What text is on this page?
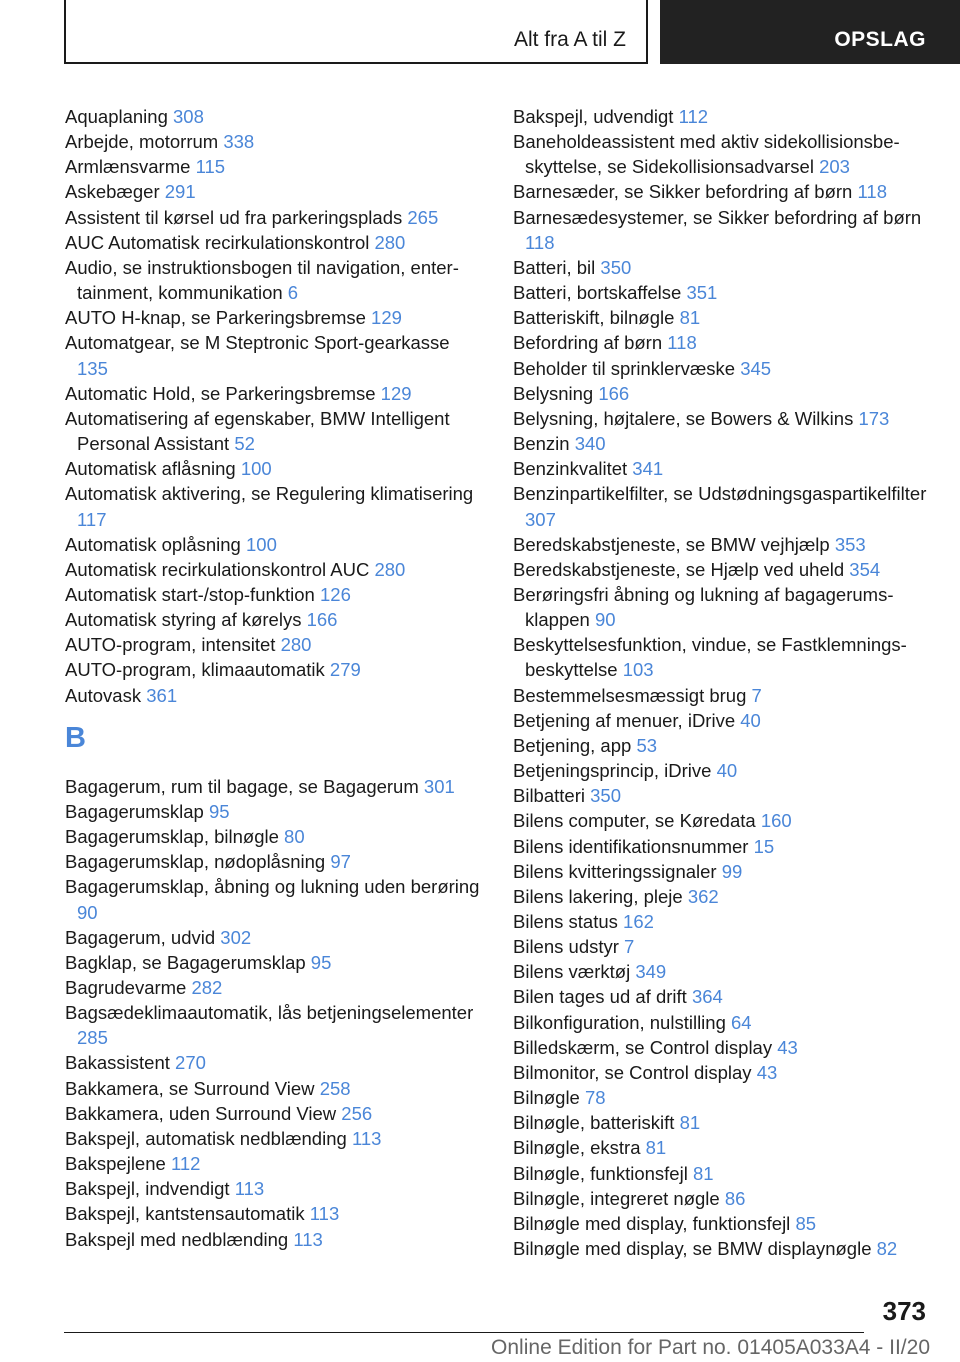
Alt fra A til Z	OPSLAG
Aquaplaning 308
Arbejde, motorrum 338
Armlænsvarme 115
Askebæger 291
Assistent til kørsel ud fra parkeringsplads 265
AUC Automatisk recirkulationskontrol 280
Audio, se instruktionsbogen til navigation, entertainment, kommunikation 6
AUTO H-knap, se Parkeringsbremse 129
Automatgear, se M Steptronic Sport-gearkasse 135
Automatic Hold, se Parkeringsbremse 129
Automatisering af egenskaber, BMW Intelligent Personal Assistant 52
Automatisk aflåsning 100
Automatisk aktivering, se Regulering klimatisering 117
Automatisk oplåsning 100
Automatisk recirkulationskontrol AUC 280
Automatisk start-/stop-funktion 126
Automatisk styring af kørelys 166
AUTO-program, intensitet 280
AUTO-program, klimaautomatik 279
Autovask 361
B
Bagagerum, rum til bagage, se Bagagerum 301
Bagagerumsklap 95
Bagagerumsklap, bilnøgle 80
Bagagerumsklap, nødoplåsning 97
Bagagerumsklap, åbning og lukning uden berøring 90
Bagagerum, udvid 302
Bagklap, se Bagagerumsklap 95
Bagrudevarme 282
Bagsædeklimaautomatik, lås betjeningselementer 285
Bakassistent 270
Bakkamera, se Surround View 258
Bakkamera, uden Surround View 256
Bakspejl, automatisk nedblænding 113
Bakspejlene 112
Bakspejl, indvendigt 113
Bakspejl, kantstensautomatik 113
Bakspejl med nedblænding 113
Bakspejl, udvendigt 112
Baneholdeassistent med aktiv sidekollisionsbeskyttelse, se Sidekollisionsadvarsel 203
Barnesæder, se Sikker befordring af børn 118
Barnesædesystemer, se Sikker befordring af børn 118
Batteri, bil 350
Batteri, bortskaffelse 351
Batteriskift, bilnøgle 81
Befordring af børn 118
Beholder til sprinklervæske 345
Belysning 166
Belysning, højtalere, se Bowers & Wilkins 173
Benzin 340
Benzinkvalitet 341
Benzinpartikelfilter, se Udstødningsgaspartikelfilter 307
Beredskabstjeneste, se BMW vejhjælp 353
Beredskabstjeneste, se Hjælp ved uheld 354
Berøringsfri åbning og lukning af bagagerumsklappen 90
Beskyttelsesfunktion, vindue, se Fastklemningsbeskyttelse 103
Bestemmelsesmæssigt brug 7
Betjening af menuer, iDrive 40
Betjening, app 53
Betjeningsprincip, iDrive 40
Bilbatteri 350
Bilens computer, se Køredata 160
Bilens identifikationsnummer 15
Bilens kvitteringssignaler 99
Bilens lakering, pleje 362
Bilens status 162
Bilens udstyr 7
Bilens værktøj 349
Bilen tages ud af drift 364
Bilkonfiguration, nulstilling 64
Billedskærm, se Control display 43
Bilmonitor, se Control display 43
Bilnøgle 78
Bilnøgle, batteriskift 81
Bilnøgle, ekstra 81
Bilnøgle, funktionsfejl 81
Bilnøgle, integreret nøgle 86
Bilnøgle med display, funktionsfejl 85
Bilnøgle med display, se BMW displaynøgle 82
373
Online Edition for Part no. 01405A033A4 - II/20
